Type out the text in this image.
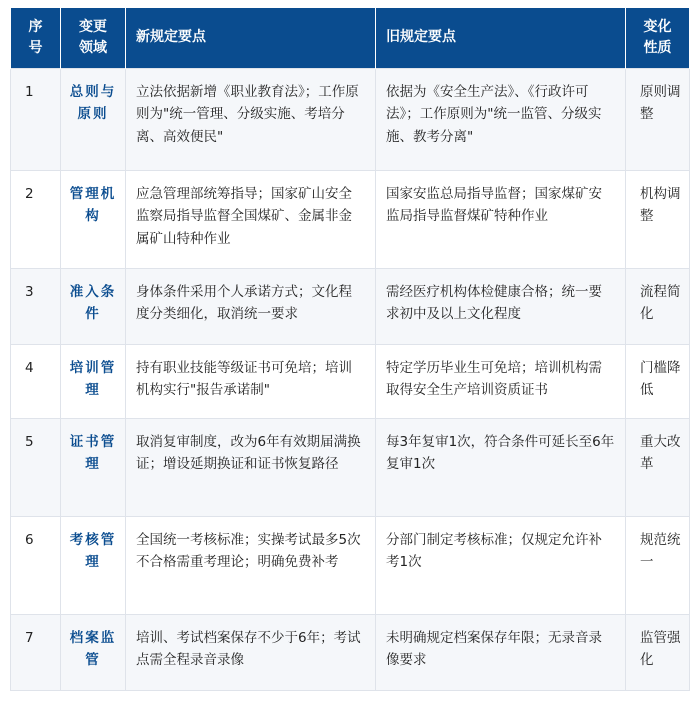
序号	变更领域	新规定要点	旧规定要点	变化性质
1	总则与原则	立法依据新增《职业教育法》；工作原则为"统一管理、分级实施、考培分离、高效便民"	依据为《安全生产法》、《行政许可法》；工作原则为"统一监管、分级实施、教考分离"	原则调整
2	管理机构	应急管理部统筹指导；国家矿山安全监察局指导监督全国煤矿、金属非金属矿山特种作业	国家安监总局指导监督；国家煤矿安监局指导监督煤矿特种作业	机构调整
3	准入条件	身体条件采用个人承诺方式；文化程度分类细化，取消统一要求	需经医疗机构体检健康合格；统一要求初中及以上文化程度	流程简化
4	培训管理	持有职业技能等级证书可免培；培训机构实行"报告承诺制"	特定学历毕业生可免培；培训机构需取得安全生产培训资质证书	门槛降低
5	证书管理	取消复审制度，改为6年有效期届满换证；增设延期换证和证书恢复路径	每3年复审1次，符合条件可延长至6年复审1次	重大改革
6	考核管理	全国统一考核标准；实操考试最多5次不合格需重考理论；明确免费补考	分部门制定考核标准；仅规定允许补考1次	规范统一
7	档案监管	培训、考试档案保存不少于6年；考试点需全程录音录像	未明确规定档案保存年限；无录音录像要求	监管强化
